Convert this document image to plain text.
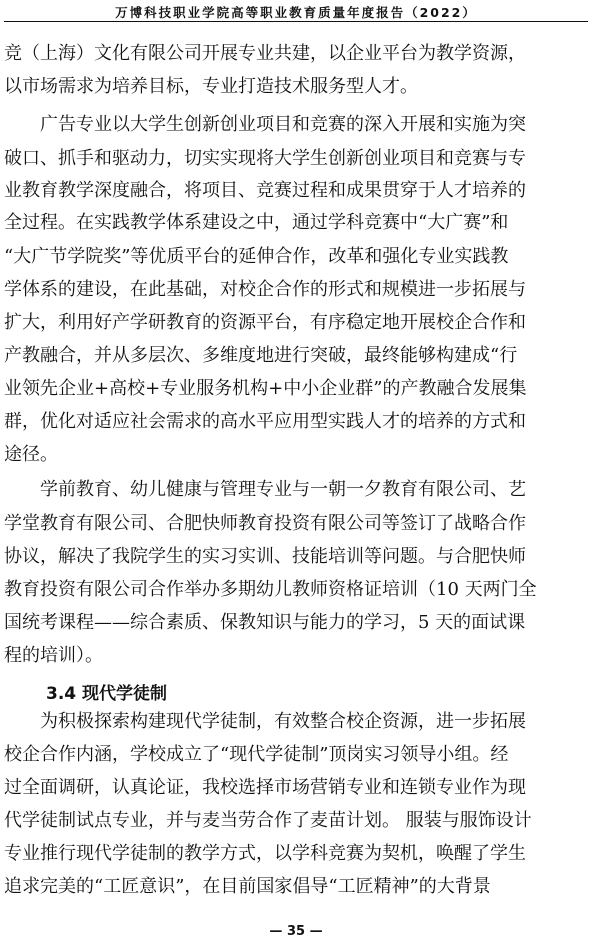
万博科技职业学院高等职业教育质量年度报告（2022）
竞（上海）文化有限公司开展专业共建，以企业平台为教学资源，
以市场需求为培养目标，专业打造技术服务型人才。
广告专业以大学生创新创业项目和竞赛的深入开展和实施为突
破口、抓手和驱动力，切实实现将大学生创新创业项目和竞赛与专
业教育教学深度融合，将项目、竞赛过程和成果贯穿于人才培养的
全过程。在实践教学体系建设之中，通过学科竞赛中“大广赛”和
“大广节学院奖”等优质平台的延伸合作，改革和强化专业实践教
学体系的建设，在此基础，对校企合作的形式和规模进一步拓展与
扩大，利用好产学研教育的资源平台，有序稳定地开展校企合作和
产教融合，并从多层次、多维度地进行突破，最终能够构建成“行
业领先企业+高校+专业服务机构+中小企业群”的产教融合发展集
群，优化对适应社会需求的高水平应用型实践人才的培养的方式和
途径。
学前教育、幼儿健康与管理专业与一朝一夕教育有限公司、艺
学堂教育有限公司、合肥快师教育投资有限公司等签订了战略合作
协议，解决了我院学生的实习实训、技能培训等问题。与合肥快师
教育投资有限公司合作举办多期幼儿教师资格证培训（10 天两门全
国统考课程——综合素质、保教知识与能力的学习，5 天的面试课
程的培训）。
3.4 现代学徒制
为积极探索构建现代学徒制，有效整合校企资源，进一步拓展
校企合作内涵，学校成立了“现代学徒制”顶岗实习领导小组。经
过全面调研，认真论证，我校选择市场营销专业和连锁专业作为现
代学徒制试点专业，并与麦当劳合作了麦苗计划。 服装与服饰设计
专业推行现代学徒制的教学方式，以学科竞赛为契机，唤醒了学生
追求完美的“工匠意识”，在目前国家倡导“工匠精神”的大背景
— 35 —
